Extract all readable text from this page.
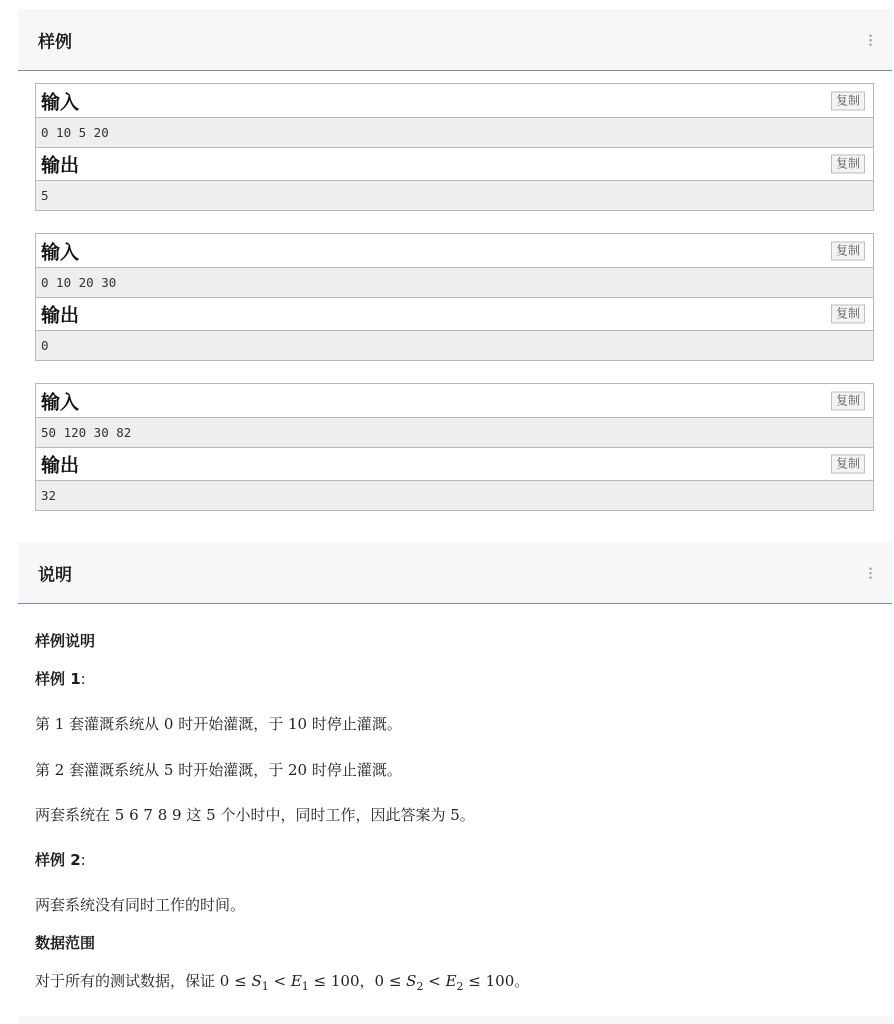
样例
输入	复制
0 10 5 20
输出	复制
5
输入	复制
0 10 20 30
输出	复制
0
输入	复制
50 120 30 82
输出	复制
32
说明
样例说明
样例 1:
第 1 套灌溉系统从 0 时开始灌溉，于 10 时停止灌溉。
第 2 套灌溉系统从 5 时开始灌溉，于 20 时停止灌溉。
两套系统在 5 6 7 8 9 这 5 个小时中，同时工作，因此答案为 5。
样例 2:
两套系统没有同时工作的时间。
数据范围
对于所有的测试数据，保证 $0 \le S_1 < E_1 \le 100$，$0 \le S_2 < E_2 \le 100$。
